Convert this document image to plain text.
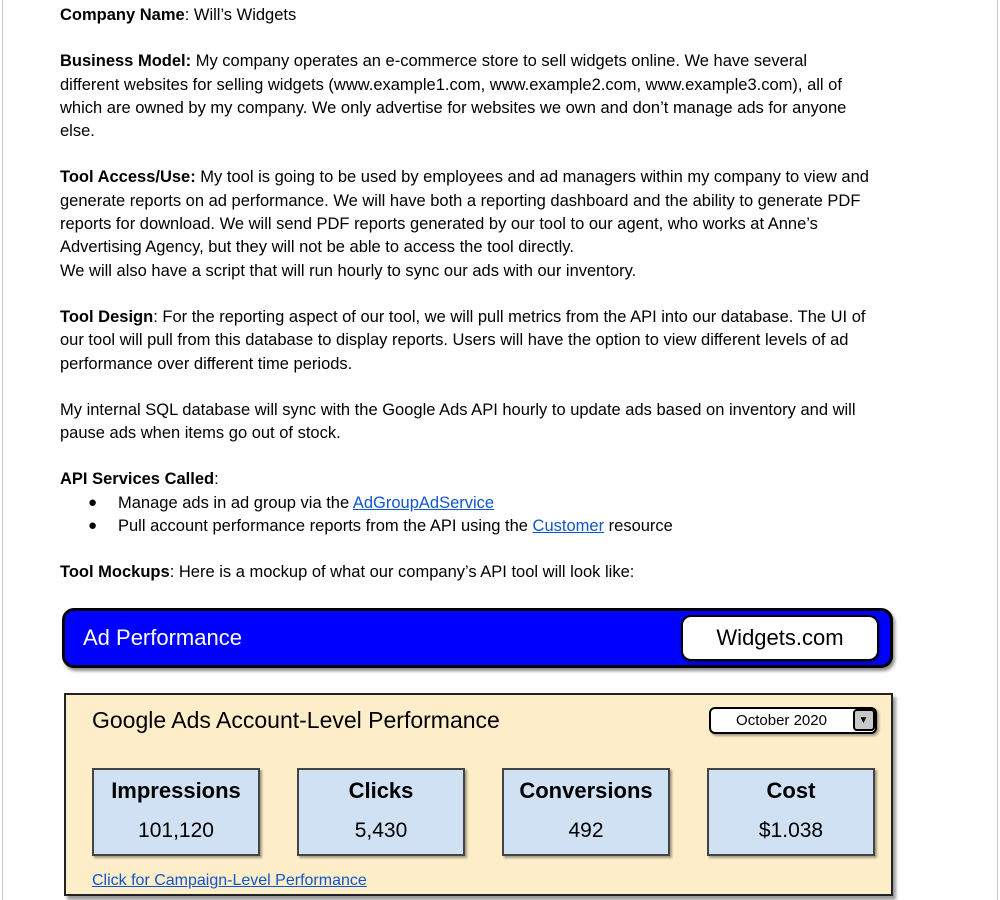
Company Name: Will’s Widgets
Business Model: My company operates an e-commerce store to sell widgets online. We have several
different websites for selling widgets (www.example1.com, www.example2.com, www.example3.com), all of
which are owned by my company. We only advertise for websites we own and don’t manage ads for anyone
else.
Tool Access/Use: My tool is going to be used by employees and ad managers within my company to view and
generate reports on ad performance. We will have both a reporting dashboard and the ability to generate PDF
reports for download. We will send PDF reports generated by our tool to our agent, who works at Anne’s
Advertising Agency, but they will not be able to access the tool directly.
We will also have a script that will run hourly to sync our ads with our inventory.
Tool Design: For the reporting aspect of our tool, we will pull metrics from the API into our database. The UI of
our tool will pull from this database to display reports. Users will have the option to view different levels of ad
performance over different time periods.
My internal SQL database will sync with the Google Ads API hourly to update ads based on inventory and will
pause ads when items go out of stock.
API Services Called:
● Manage ads in ad group via the AdGroupAdService
● Pull account performance reports from the API using the Customer resource
Tool Mockups: Here is a mockup of what our company’s API tool will look like:
Ad Performance	Widgets.com
Google Ads Account-Level Performance	October 2020	▼
Impressions
101,120
Clicks
5,430
Conversions
492
Cost
$1.038
Click for Campaign-Level Performance
